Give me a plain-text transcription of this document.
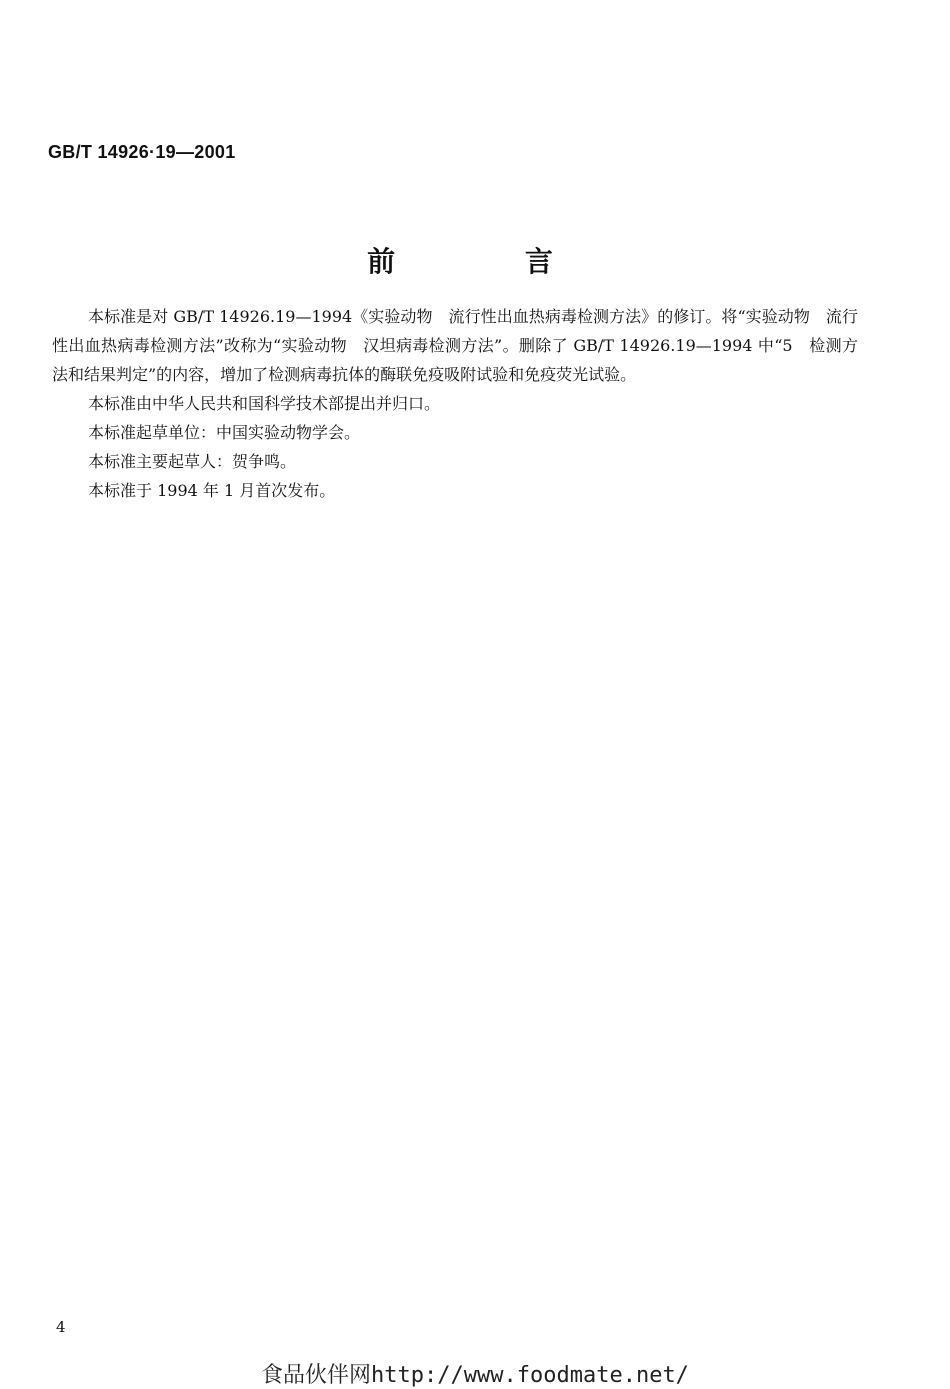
GB/T 14926·19—2001
前 言

本标准是对 GB/T 14926.19—1994《实验动物　流行性出血热病毒检测方法》的修订。将“实验动物　流行性出血热病毒检测方法”改称为“实验动物　汉坦病毒检测方法”。删除了 GB/T 14926.19—1994 中“5　检测方法和结果判定”的内容，增加了检测病毒抗体的酶联免疫吸附试验和免疫荧光试验。

本标准由中华人民共和国科学技术部提出并归口。

本标准起草单位：中国实验动物学会。

本标准主要起草人：贺争鸣。

本标准于 1994 年 1 月首次发布。

4
食品伙伴网http://www.foodmate.net/
